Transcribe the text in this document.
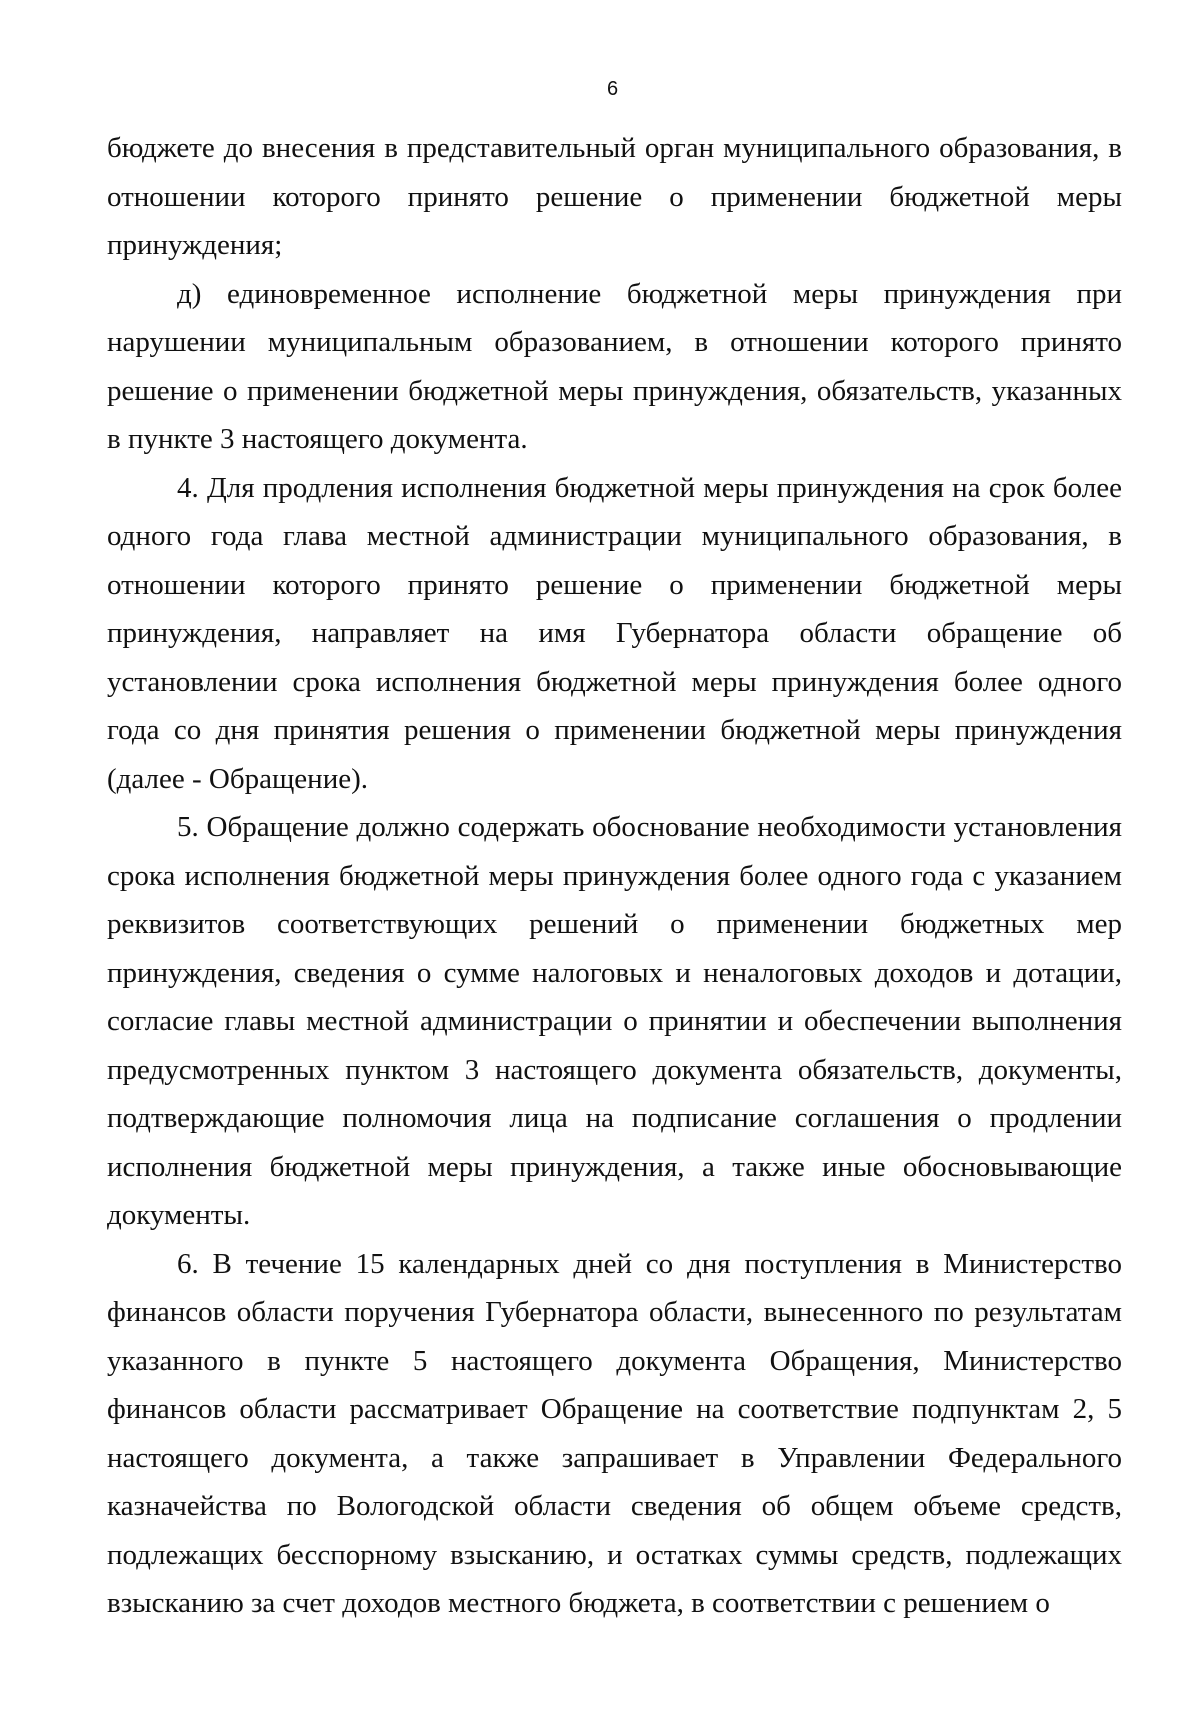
6

бюджете до внесения в представительный орган муниципального образования, в отношении которого принято решение о применении бюджетной меры принуждения;

д) единовременное исполнение бюджетной меры принуждения при нарушении муниципальным образованием, в отношении которого принято решение о применении бюджетной меры принуждения, обязательств, указанных в пункте 3 настоящего документа.

4. Для продления исполнения бюджетной меры принуждения на срок более одного года глава местной администрации муниципального образования, в отношении которого принято решение о применении бюджетной меры принуждения, направляет на имя Губернатора области обращение об установлении срока исполнения бюджетной меры принуждения более одного года со дня принятия решения о применении бюджетной меры принуждения (далее - Обращение).

5. Обращение должно содержать обоснование необходимости установления срока исполнения бюджетной меры принуждения более одного года с указанием реквизитов соответствующих решений о применении бюджетных мер принуждения, сведения о сумме налоговых и неналоговых доходов и дотации, согласие главы местной администрации о принятии и обеспечении выполнения предусмотренных пунктом 3 настоящего документа обязательств, документы, подтверждающие полномочия лица на подписание соглашения о продлении исполнения бюджетной меры принуждения, а также иные обосновывающие документы.

6. В течение 15 календарных дней со дня поступления в Министерство финансов области поручения Губернатора области, вынесенного по результатам указанного в пункте 5 настоящего документа Обращения, Министерство финансов области рассматривает Обращение на соответствие подпунктам 2, 5 настоящего документа, а также запрашивает в Управлении Федерального казначейства по Вологодской области сведения об общем объеме средств, подлежащих бесспорному взысканию, и остатках суммы средств, подлежащих взысканию за счет доходов местного бюджета, в соответствии с решением о
